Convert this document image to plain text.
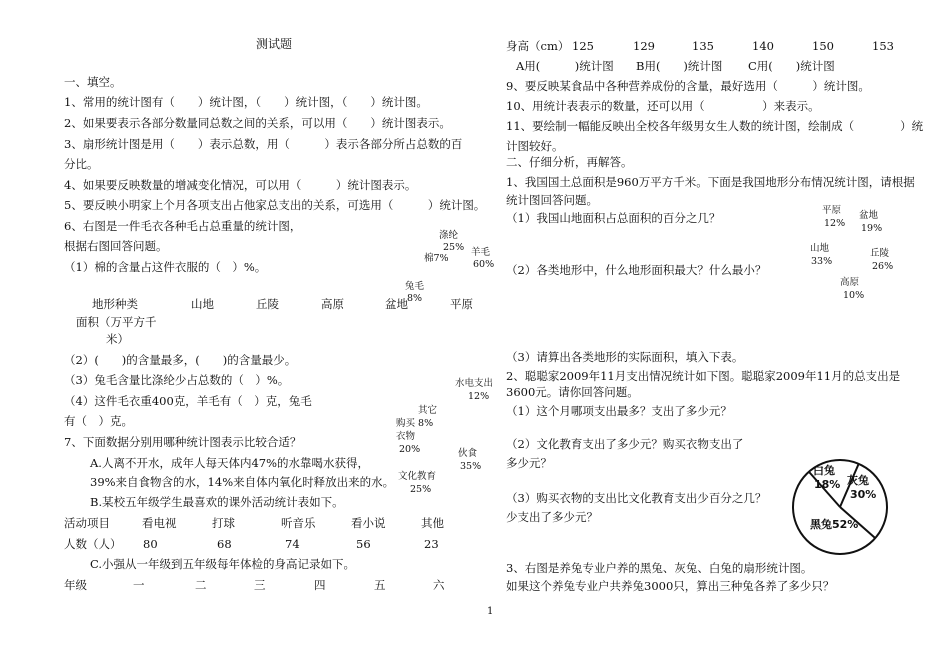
测试题
一、填空。
1、常用的统计图有（　　）统计图，（　　）统计图，（　　）统计图。
2、如果要表示各部分数量同总数之间的关系，可以用（　　）统计图表示。
3、扇形统计图是用（　　）表示总数，用（　　　）表示各部分所占总数的百
分比。
4、如果要反映数量的增减变化情况，可以用（　　　）统计图表示。
5、要反映小明家上个月各项支出占他家总支出的关系，可选用（　　　）统计图。
6、右图是一件毛衣各种毛占总重量的统计图，
根据右图回答问题。
（1）棉的含量占这件衣服的（　）%。
涤纶
25%
棉7%
羊毛
60%
兔毛
8%
地形种类	山地	丘陵	高原	盆地	平原
面积（万平方千
米）
（2）(　　)的含量最多，(　　)的含量最少。
（3）兔毛含量比涤纶少占总数的（　）%。
（4）这件毛衣重400克，羊毛有（　）克，兔毛
有（　）克。
7、下面数据分别用哪种统计图表示比较合适？
A.人离不开水，成年人每天体内47%的水靠喝水获得，
39%来自食物含的水，14%来自体内氧化时释放出来的水。
B.某校五年级学生最喜欢的课外活动统计表如下。
活动项目	看电视	打球	听音乐	看小说	其他
人数（人） 80	68	74	56	23
C.小强从一年级到五年级每年体检的身高记录如下。
年级	一	二	三	四	五	六
水电支出
12%
其它
购买 8%
衣物
20%	伙食
35%
文化教育
25%
身高（cm） 125	129	135	140	150	153
A用(　　　)统计图 B用(　　)统计图 C用(　　)统计图
9、要反映某食品中各种营养成份的含量，最好选用（　　　）统计图。
10、用统计表表示的数量，还可以用（　　　　　）来表示。
11、要绘制一幅能反映出全校各年级男女生人数的统计图，绘制成（　　　　）统
计图较好。
二、仔细分析，再解答。
1、我国国土总面积是960万平方千米。下面是我国地形分布情况统计图，请根据
统计图回答问题。
（1）我国山地面积占总面积的百分之几？
（2）各类地形中，什么地形面积最大？什么最小？
平原
12%
盆地
19%
山地
33%
丘陵
26%
高原
10%
（3）请算出各类地形的实际面积，填入下表。
2、聪聪家2009年11月支出情况统计如下图。聪聪家2009年11月的总支出是
3600元。请你回答问题。
（1）这个月哪项支出最多？支出了多少元？
（2）文化教育支出了多少元？购买衣物支出了
多少元？
（3）购买衣物的支出比文化教育支出少百分之几？
少支出了多少元？
白兔
18% 灰兔
30%
黑兔52%
3、右图是养兔专业户养的黑兔、灰兔、白兔的扇形统计图。
如果这个养兔专业户共养兔3000只，算出三种兔各养了多少只？
1
